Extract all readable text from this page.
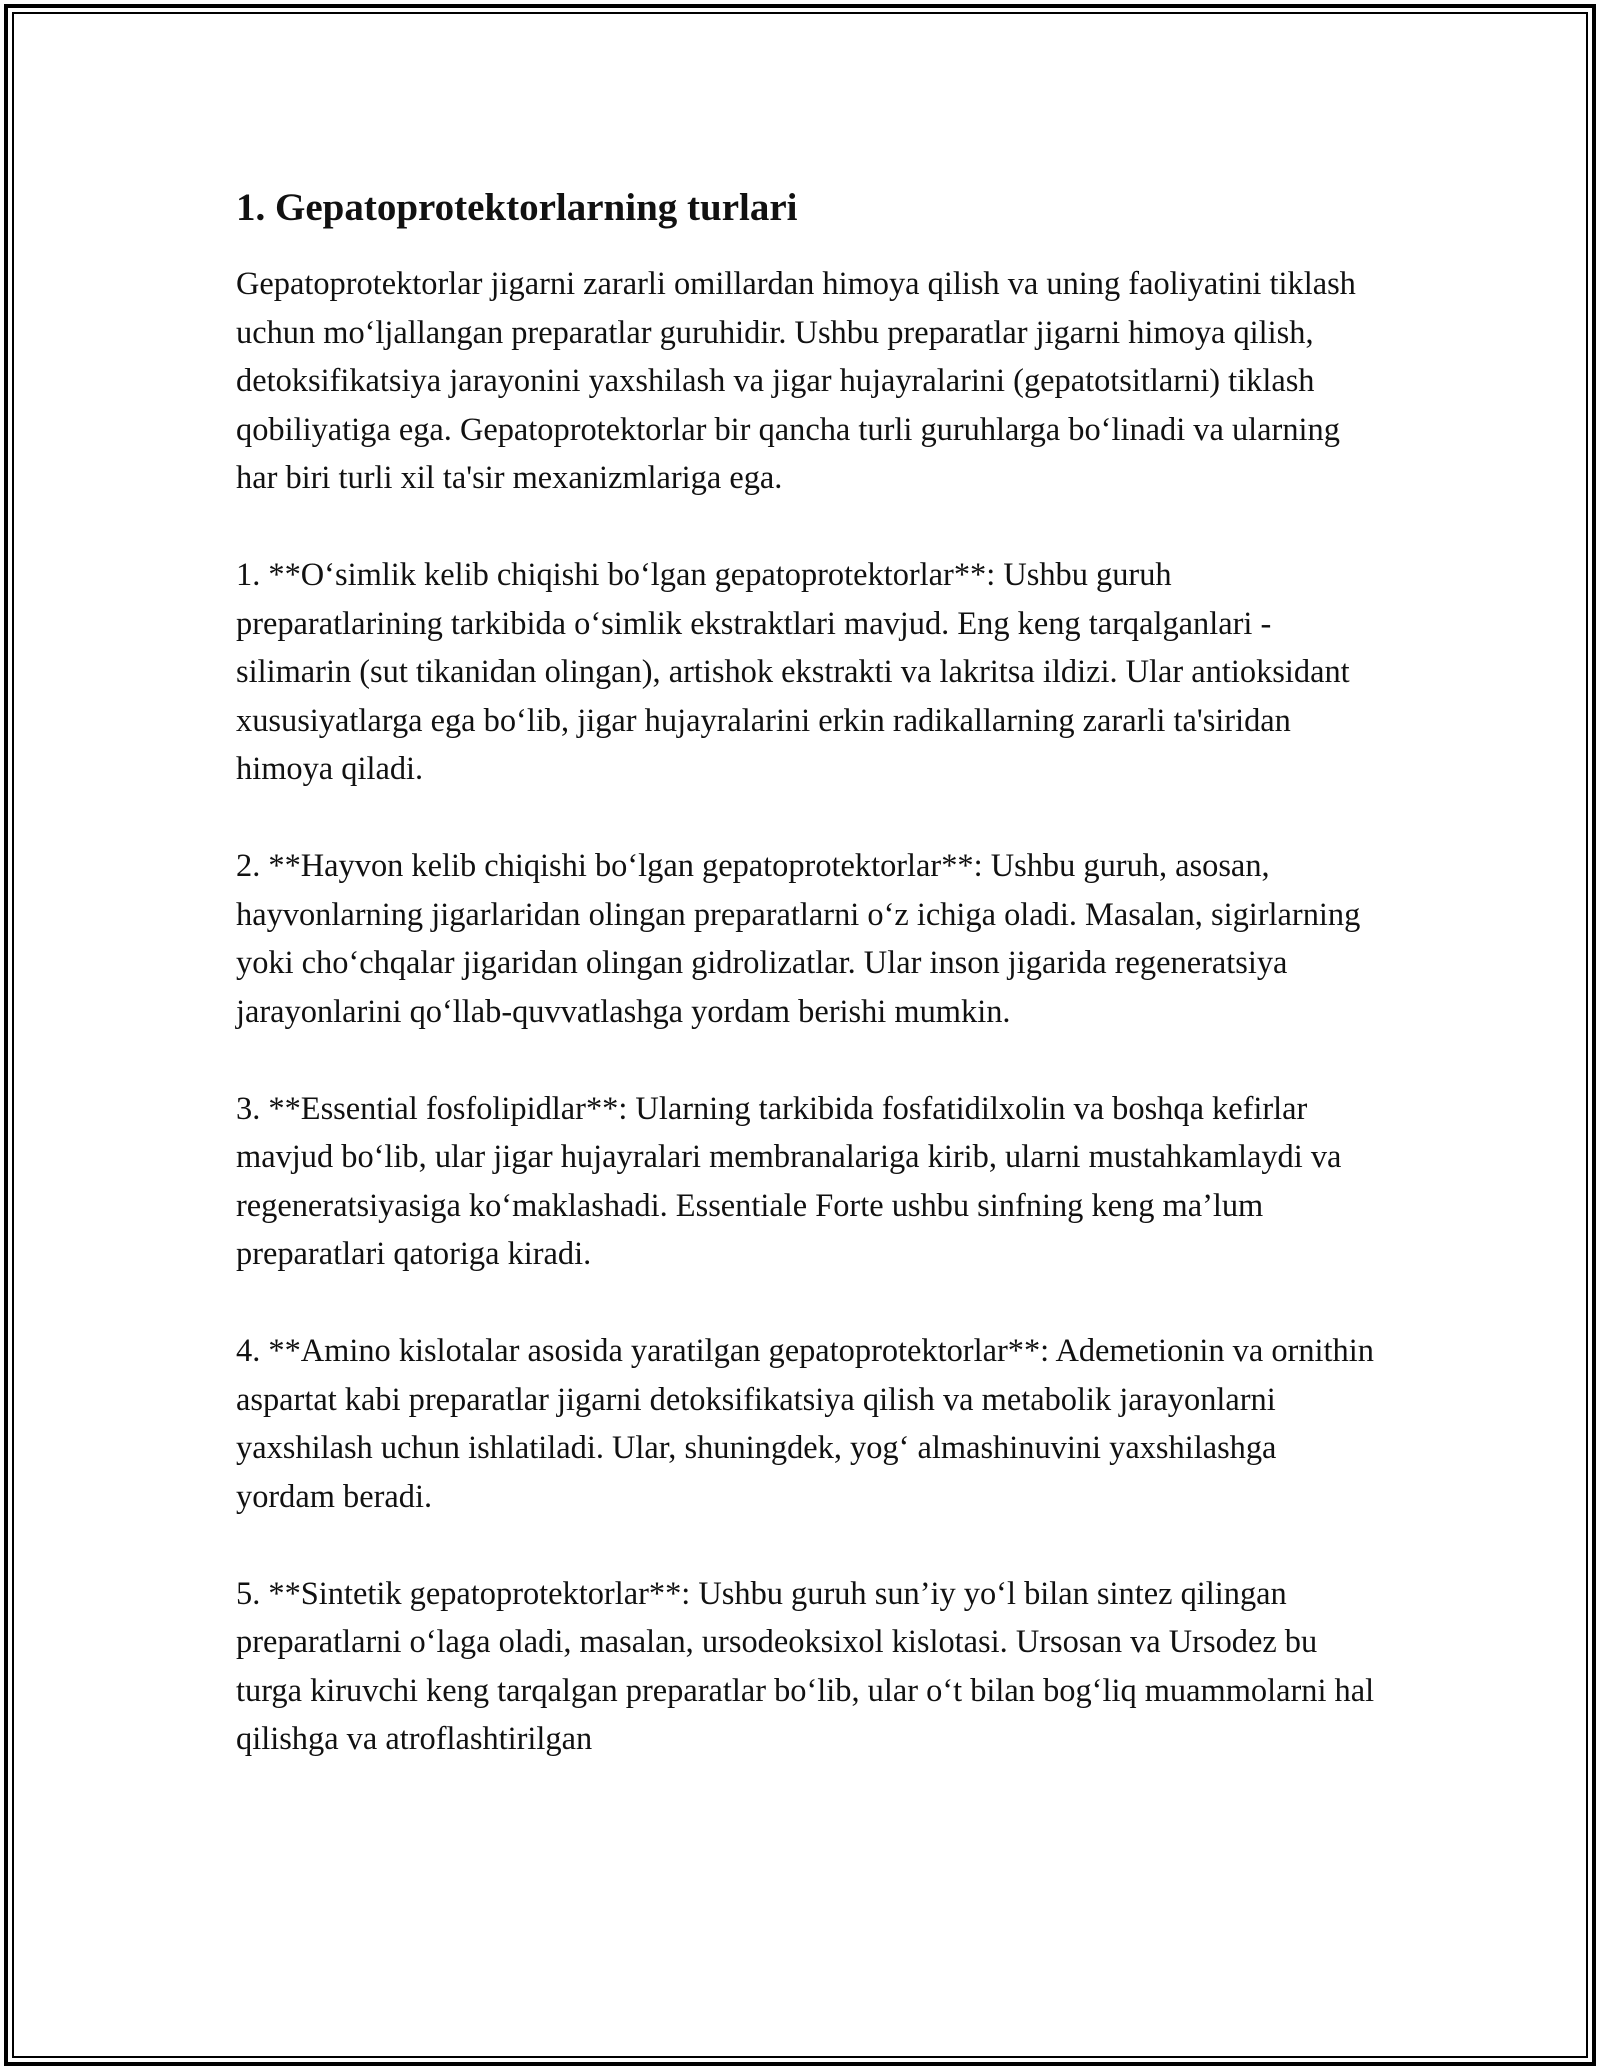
1. Gepatoprotektorlarning turlari

Gepatoprotektorlar jigarni zararli omillardan himoya qilish va uning faoliyatini tiklash uchun mo‘ljallangan preparatlar guruhidir. Ushbu preparatlar jigarni himoya qilish, detoksifikatsiya jarayonini yaxshilash va jigar hujayralarini (gepatotsitlarni) tiklash qobiliyatiga ega. Gepatoprotektorlar bir qancha turli guruhlarga bo‘linadi va ularning har biri turli xil ta'sir mexanizmlariga ega.

1. **O‘simlik kelib chiqishi bo‘lgan gepatoprotektorlar**: Ushbu guruh preparatlarining tarkibida o‘simlik ekstraktlari mavjud. Eng keng tarqalganlari - silimarin (sut tikanidan olingan), artishok ekstrakti va lakritsa ildizi. Ular antioksidant xususiyatlarga ega bo‘lib, jigar hujayralarini erkin radikallarning zararli ta'siridan himoya qiladi.

2. **Hayvon kelib chiqishi bo‘lgan gepatoprotektorlar**: Ushbu guruh, asosan, hayvonlarning jigarlaridan olingan preparatlarni o‘z ichiga oladi. Masalan, sigirlarning yoki cho‘chqalar jigaridan olingan gidrolizatlar. Ular inson jigarida regeneratsiya jarayonlarini qo‘llab-quvvatlashga yordam berishi mumkin.

3. **Essential fosfolipidlar**: Ularning tarkibida fosfatidilxolin va boshqa kefirlar mavjud bo‘lib, ular jigar hujayralari membranalariga kirib, ularni mustahkamlaydi va regeneratsiyasiga ko‘maklashadi. Essentiale Forte ushbu sinfning keng ma’lum preparatlari qatoriga kiradi.

4. **Amino kislotalar asosida yaratilgan gepatoprotektorlar**: Ademetionin va ornithin aspartat kabi preparatlar jigarni detoksifikatsiya qilish va metabolik jarayonlarni yaxshilash uchun ishlatiladi. Ular, shuningdek, yog‘ almashinuvini yaxshilashga yordam beradi.

5. **Sintetik gepatoprotektorlar**: Ushbu guruh sun’iy yo‘l bilan sintez qilingan preparatlarni o‘laga oladi, masalan, ursodeoksixol kislotasi. Ursosan va Ursodez bu turga kiruvchi keng tarqalgan preparatlar bo‘lib, ular o‘t bilan bog‘liq muammolarni hal qilishga va atroflashtirilgan
